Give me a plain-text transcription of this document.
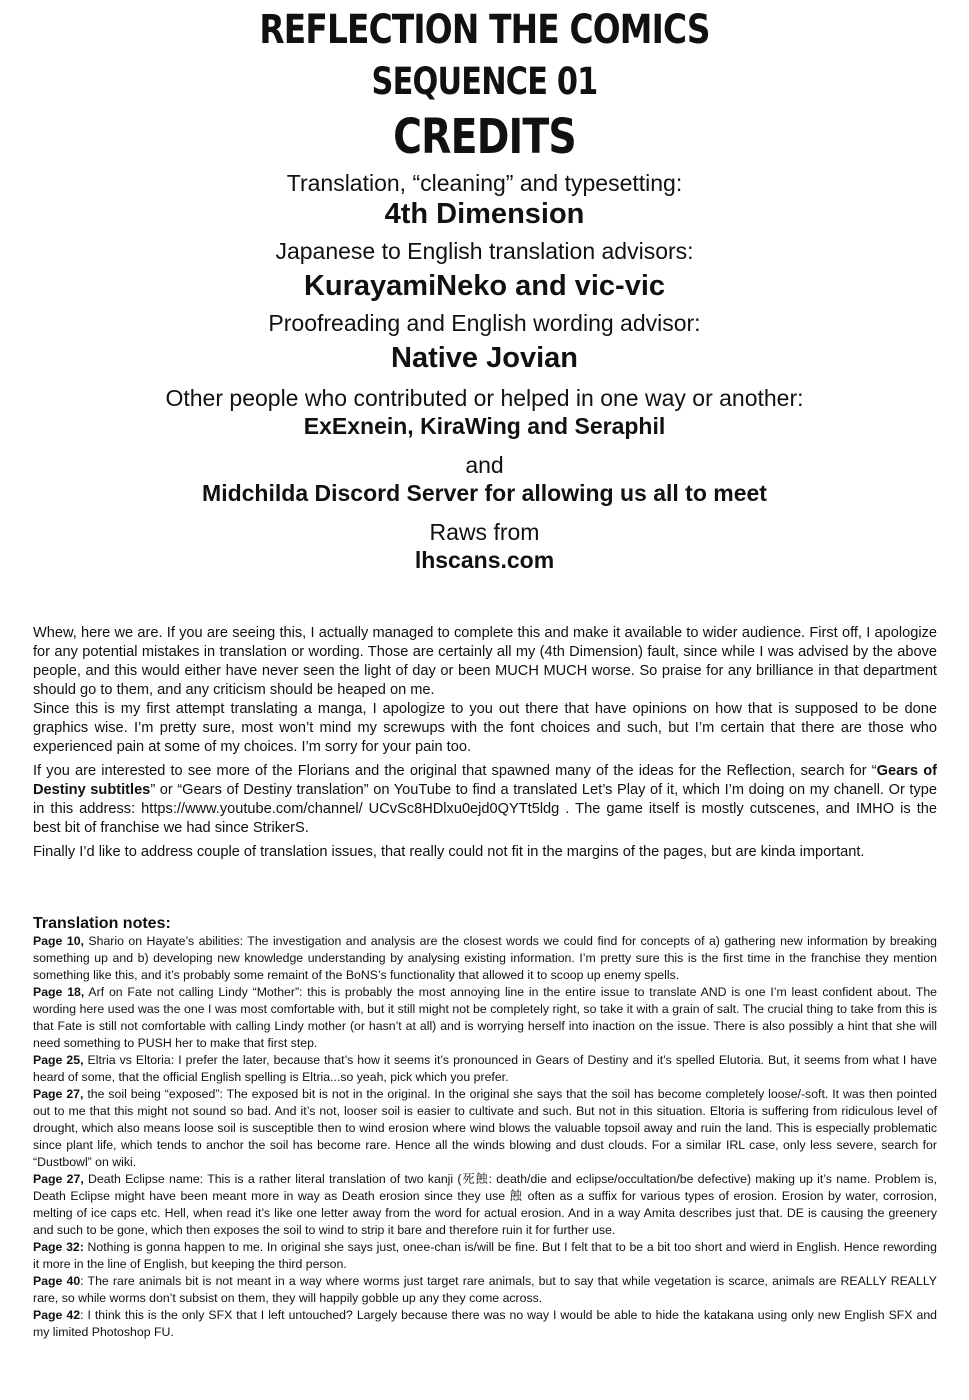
REFLECTION THE COMICS

SEQUENCE 01

CREDITS

Translation, “cleaning” and typesetting:

4th Dimension

Japanese to English translation advisors:

KurayamiNeko and vic-vic

Proofreading and English wording advisor:

Native Jovian

Other people who contributed or helped in one way or another:

ExExnein, KiraWing and Seraphil

and

Midchilda Discord Server for allowing us all to meet

Raws from

lhscans.com

Whew, here we are. If you are seeing this, I actually managed to complete this and make it available to wider audience. First off, I apologize for any potential mistakes in translation or wording. Those are certainly all my (4th Dimension) fault, since while I was advised by the above people, and this would either have never seen the light of day or been MUCH MUCH worse. So praise for any brilliance in that department should go to them, and any criticism should be heaped on me.

Since this is my first attempt translating a manga, I apologize to you out there that have opinions on how that is supposed to be done graphics wise. I’m pretty sure, most won’t mind my screwups with the font choices and such, but I’m certain that there are those who experienced pain at some of my choices. I’m sorry for your pain too.

If you are interested to see more of the Florians and the original that spawned many of the ideas for the Reflection, search for “Gears of Destiny subtitles” or “Gears of Destiny translation” on YouTube to find a translated Let’s Play of it, which I’m doing on my chanell. Or type in this address: https://www.youtube.com/channel/ UCvSc8HDlxu0ejd0QYTt5ldg . The game itself is mostly cutscenes, and IMHO is the best bit of franchise we had since StrikerS.

Finally I’d like to address couple of translation issues, that really could not fit in the margins of the pages, but are kinda important.

Translation notes:

Page 10, Shario on Hayate’s abilities: The investigation and analysis are the closest words we could find for concepts of a) gathering new information by breaking something up and b) developing new knowledge understanding by analysing existing information. I’m pretty sure this is the first time in the franchise they mention something like this, and it’s probably some remaint of the BoNS’s functionality that allowed it to scoop up enemy spells.

Page 18, Arf on Fate not calling Lindy “Mother”: this is probably the most annoying line in the entire issue to translate AND is one I’m least confident about. The wording here used was the one I was most comfortable with, but it still might not be completely right, so take it with a grain of salt. The crucial thing to take from this is that Fate is still not comfortable with calling Lindy mother (or hasn’t at all) and is worrying herself into inaction on the issue. There is also possibly a hint that she will need something to PUSH her to make that first step.

Page 25, Eltria vs Eltoria: I prefer the later, because that’s how it seems it’s pronounced in Gears of Destiny and it’s spelled Elutoria. But, it seems from what I have heard of some, that the official English spelling is Eltria...so yeah, pick which you prefer.

Page 27, the soil being “exposed”: The exposed bit is not in the original. In the original she says that the soil has become completely loose/-soft. It was then pointed out to me that this might not sound so bad. And it’s not, looser soil is easier to cultivate and such. But not in this situation. Eltoria is suffering from ridiculous level of drought, which also means loose soil is susceptible then to wind erosion where wind blows the valuable topsoil away and ruin the land. This is especially problematic since plant life, which tends to anchor the soil has become rare. Hence all the winds blowing and dust clouds. For a similar IRL case, only less severe, search for “Dustbowl” on wiki.

Page 27, Death Eclipse name: This is a rather literal translation of two kanji (死蝕: death/die and eclipse/occultation/be defective) making up it’s name. Problem is, Death Eclipse might have been meant more in way as Death erosion since they use 蝕 often as a suffix for various types of erosion. Erosion by water, corrosion, melting of ice caps etc. Hell, when read it’s like one letter away from the word for actual erosion. And in a way Amita describes just that. DE is causing the greenery and such to be gone, which then exposes the soil to wind to strip it bare and therefore ruin it for further use.

Page 32: Nothing is gonna happen to me. In original she says just, onee-chan is/will be fine. But I felt that to be a bit too short and wierd in English. Hence rewording it more in the line of English, but keeping the third person.

Page 40: The rare animals bit is not meant in a way where worms just target rare animals, but to say that while vegetation is scarce, animals are REALLY REALLY rare, so while worms don’t subsist on them, they will happily gobble up any they come across.

Page 42: I think this is the only SFX that I left untouched? Largely because there was no way I would be able to hide the katakana using only new English SFX and my limited Photoshop FU.
